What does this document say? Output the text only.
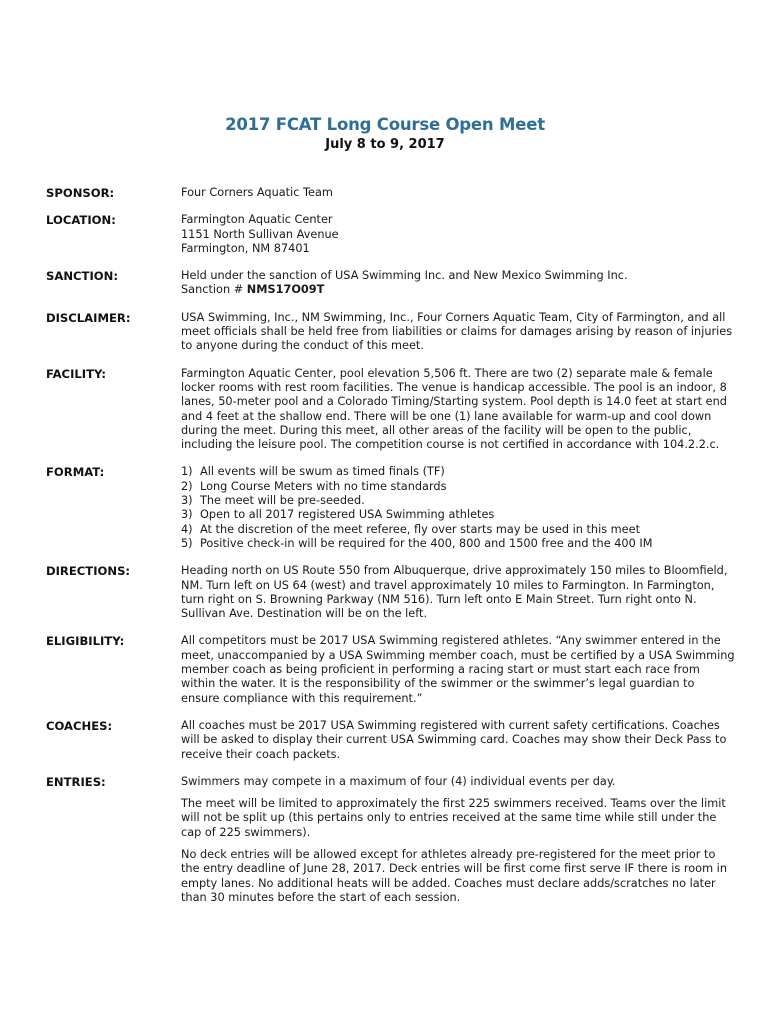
2017 FCAT Long Course Open Meet
July 8 to 9, 2017
SPONSOR:	Four Corners Aquatic Team
LOCATION:	Farmington Aquatic Center

1151 North Sullivan Avenue

Farmington, NM 87401

SANCTION:	Held under the sanction of USA Swimming Inc. and New Mexico Swimming Inc.

Sanction # NMS17O09T

DISCLAIMER:	USA Swimming, Inc., NM Swimming, Inc., Four Corners Aquatic Team, City of Farmington, and all meet officials shall be held free from liabilities or claims for damages arising by reason of injuries to anyone during the conduct of this meet.
FACILITY:	Farmington Aquatic Center, pool elevation 5,506 ft. There are two (2) separate male & female locker rooms with rest room facilities. The venue is handicap accessible. The pool is an indoor, 8 lanes, 50-meter pool and a Colorado Timing/Starting system. Pool depth is 14.0 feet at start end and 4 feet at the shallow end. There will be one (1) lane available for warm-up and cool down during the meet. During this meet, all other areas of the facility will be open to the public, including the leisure pool. The competition course is not certified in accordance with 104.2.2.c.
FORMAT:	1) All events will be swum as timed finals (TF)
2) Long Course Meters with no time standards
3) The meet will be pre-seeded.
3) Open to all 2017 registered USA Swimming athletes
4) At the discretion of the meet referee, fly over starts may be used in this meet
5) Positive check-in will be required for the 400, 800 and 1500 free and the 400 IM
DIRECTIONS:	Heading north on US Route 550 from Albuquerque, drive approximately 150 miles to Bloomfield, NM. Turn left on US 64 (west) and travel approximately 10 miles to Farmington. In Farmington, turn right on S. Browning Parkway (NM 516). Turn left onto E Main Street. Turn right onto N. Sullivan Ave. Destination will be on the left.
ELIGIBILITY:	All competitors must be 2017 USA Swimming registered athletes. “Any swimmer entered in the meet, unaccompanied by a USA Swimming member coach, must be certified by a USA Swimming member coach as being proficient in performing a racing start or must start each race from within the water. It is the responsibility of the swimmer or the swimmer’s legal guardian to ensure compliance with this requirement.”
COACHES:	All coaches must be 2017 USA Swimming registered with current safety certifications. Coaches will be asked to display their current USA Swimming card. Coaches may show their Deck Pass to receive their coach packets.
ENTRIES:	Swimmers may compete in a maximum of four (4) individual events per day.

The meet will be limited to approximately the first 225 swimmers received. Teams over the limit will not be split up (this pertains only to entries received at the same time while still under the cap of 225 swimmers).

No deck entries will be allowed except for athletes already pre-registered for the meet prior to the entry deadline of June 28, 2017. Deck entries will be first come first serve IF there is room in empty lanes. No additional heats will be added. Coaches must declare adds/scratches no later than 30 minutes before the start of each session.
